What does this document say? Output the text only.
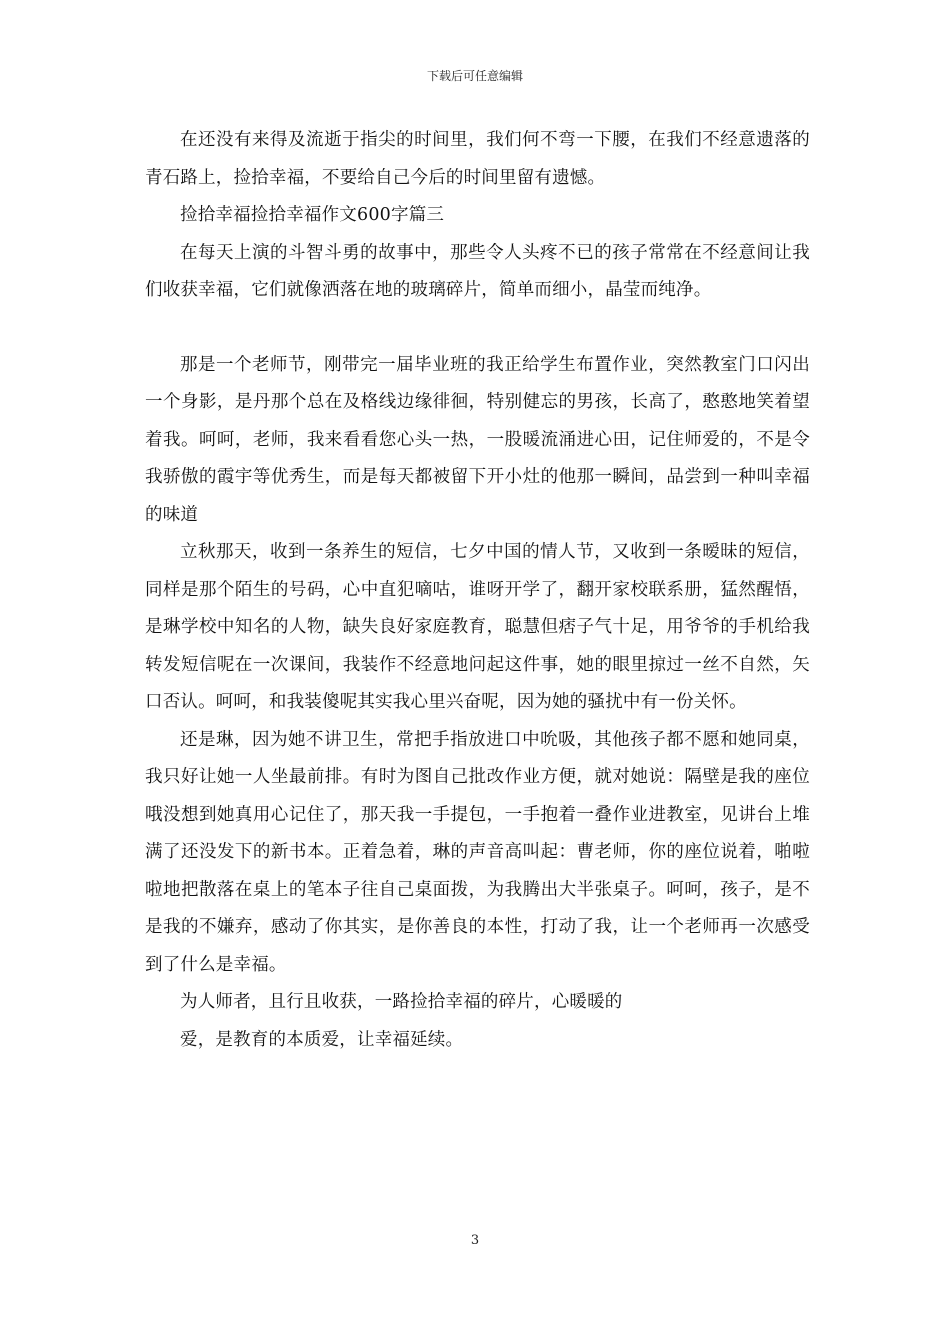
下载后可任意编辑

在还没有来得及流逝于指尖的时间里，我们何不弯一下腰，在我们不经意遗落的青石路上，捡拾幸福，不要给自己今后的时间里留有遗憾。

捡拾幸福捡拾幸福作文600字篇三

在每天上演的斗智斗勇的故事中，那些令人头疼不已的孩子常常在不经意间让我们收获幸福，它们就像洒落在地的玻璃碎片，简单而细小，晶莹而纯净。

那是一个老师节，刚带完一届毕业班的我正给学生布置作业，突然教室门口闪出一个身影，是丹那个总在及格线边缘徘徊，特别健忘的男孩，长高了，憨憨地笑着望着我。呵呵，老师，我来看看您心头一热，一股暖流涌进心田，记住师爱的，不是令我骄傲的霞宇等优秀生，而是每天都被留下开小灶的他那一瞬间，品尝到一种叫幸福的味道

立秋那天，收到一条养生的短信，七夕中国的情人节，又收到一条暧昧的短信，同样是那个陌生的号码，心中直犯嘀咕，谁呀开学了，翻开家校联系册，猛然醒悟，是琳学校中知名的人物，缺失良好家庭教育，聪慧但痞子气十足，用爷爷的手机给我转发短信呢在一次课间，我装作不经意地问起这件事，她的眼里掠过一丝不自然，矢口否认。呵呵，和我装傻呢其实我心里兴奋呢，因为她的骚扰中有一份关怀。

还是琳，因为她不讲卫生，常把手指放进口中吮吸，其他孩子都不愿和她同桌，我只好让她一人坐最前排。有时为图自己批改作业方便，就对她说：隔壁是我的座位哦没想到她真用心记住了，那天我一手提包，一手抱着一叠作业进教室，见讲台上堆满了还没发下的新书本。正着急着，琳的声音高叫起：曹老师，你的座位说着，啪啦啦地把散落在桌上的笔本子往自己桌面拨，为我腾出大半张桌子。呵呵，孩子，是不是我的不嫌弃，感动了你其实，是你善良的本性，打动了我，让一个老师再一次感受到了什么是幸福。

为人师者，且行且收获，一路捡拾幸福的碎片，心暖暖的

爱，是教育的本质爱，让幸福延续。

3
